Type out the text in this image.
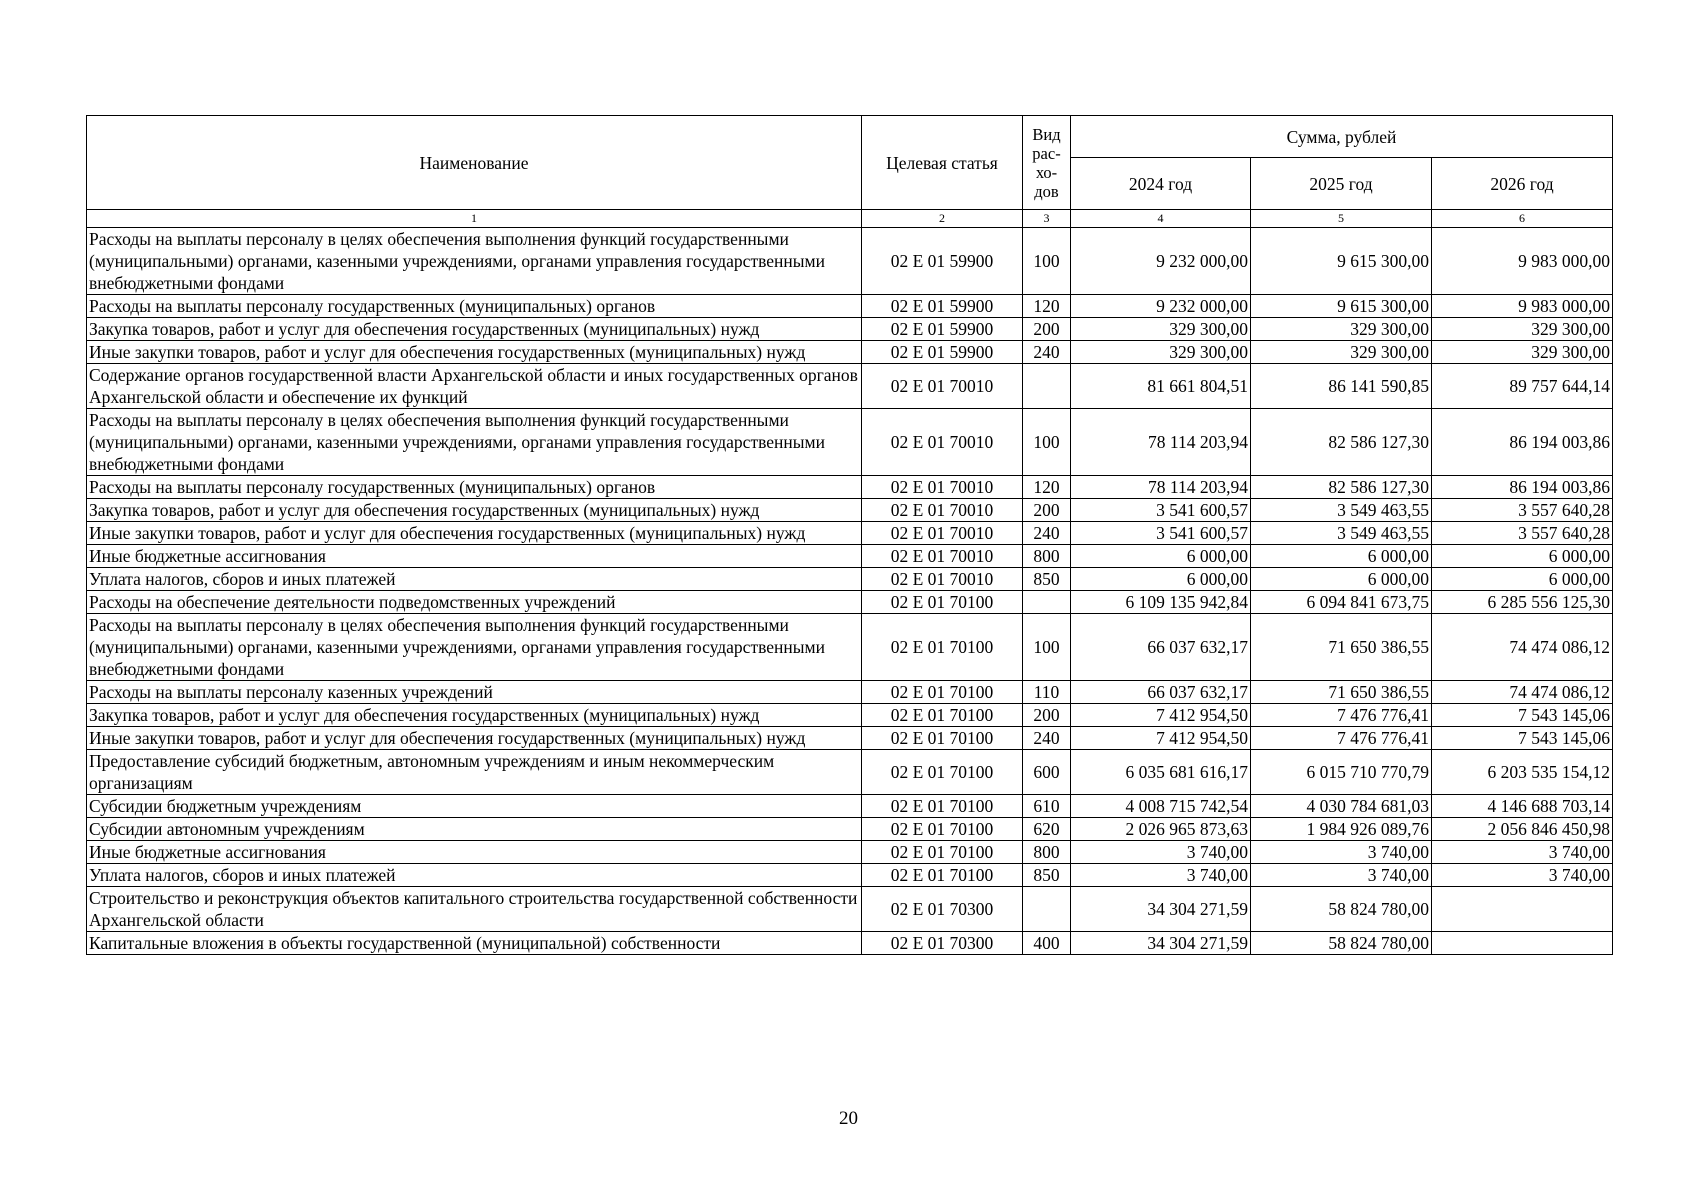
Наименование	Целевая статья	Вид рас- хо- дов	Сумма, рублей		
			2024 год	2025 год	2026 год
1	2	3	4	5	6
Расходы на выплаты персоналу в целях обеспечения выполнения функций государственными (муниципальными) органами, казенными учреждениями, органами управления государственными внебюджетными фондами	02 Е 01 59900	100	9 232 000,00	9 615 300,00	9 983 000,00
Расходы на выплаты персоналу государственных (муниципальных) органов	02 Е 01 59900	120	9 232 000,00	9 615 300,00	9 983 000,00
Закупка товаров, работ и услуг для обеспечения государственных (муниципальных) нужд	02 Е 01 59900	200	329 300,00	329 300,00	329 300,00
Иные закупки товаров, работ и услуг для обеспечения государственных (муниципальных) нужд	02 Е 01 59900	240	329 300,00	329 300,00	329 300,00
Содержание органов государственной власти Архангельской области и иных государственных органов Архангельской области и обеспечение их функций	02 Е 01 70010		81 661 804,51	86 141 590,85	89 757 644,14
Расходы на выплаты персоналу в целях обеспечения выполнения функций государственными (муниципальными) органами, казенными учреждениями, органами управления государственными внебюджетными фондами	02 Е 01 70010	100	78 114 203,94	82 586 127,30	86 194 003,86
Расходы на выплаты персоналу государственных (муниципальных) органов	02 Е 01 70010	120	78 114 203,94	82 586 127,30	86 194 003,86
Закупка товаров, работ и услуг для обеспечения государственных (муниципальных) нужд	02 Е 01 70010	200	3 541 600,57	3 549 463,55	3 557 640,28
Иные закупки товаров, работ и услуг для обеспечения государственных (муниципальных) нужд	02 Е 01 70010	240	3 541 600,57	3 549 463,55	3 557 640,28
Иные бюджетные ассигнования	02 Е 01 70010	800	6 000,00	6 000,00	6 000,00
Уплата налогов, сборов и иных платежей	02 Е 01 70010	850	6 000,00	6 000,00	6 000,00
Расходы на обеспечение деятельности подведомственных учреждений	02 Е 01 70100		6 109 135 942,84	6 094 841 673,75	6 285 556 125,30
Расходы на выплаты персоналу в целях обеспечения выполнения функций государственными (муниципальными) органами, казенными учреждениями, органами управления государственными внебюджетными фондами	02 Е 01 70100	100	66 037 632,17	71 650 386,55	74 474 086,12
Расходы на выплаты персоналу казенных учреждений	02 Е 01 70100	110	66 037 632,17	71 650 386,55	74 474 086,12
Закупка товаров, работ и услуг для обеспечения государственных (муниципальных) нужд	02 Е 01 70100	200	7 412 954,50	7 476 776,41	7 543 145,06
Иные закупки товаров, работ и услуг для обеспечения государственных (муниципальных) нужд	02 Е 01 70100	240	7 412 954,50	7 476 776,41	7 543 145,06
Предоставление субсидий бюджетным, автономным учреждениям и иным некоммерческим организациям	02 Е 01 70100	600	6 035 681 616,17	6 015 710 770,79	6 203 535 154,12
Субсидии бюджетным учреждениям	02 Е 01 70100	610	4 008 715 742,54	4 030 784 681,03	4 146 688 703,14
Субсидии автономным учреждениям	02 Е 01 70100	620	2 026 965 873,63	1 984 926 089,76	2 056 846 450,98
Иные бюджетные ассигнования	02 Е 01 70100	800	3 740,00	3 740,00	3 740,00
Уплата налогов, сборов и иных платежей	02 Е 01 70100	850	3 740,00	3 740,00	3 740,00
Строительство и реконструкция объектов капитального строительства государственной собственности Архангельской области	02 Е 01 70300		34 304 271,59	58 824 780,00	
Капитальные вложения в объекты государственной (муниципальной) собственности	02 Е 01 70300	400	34 304 271,59	58 824 780,00	
20
